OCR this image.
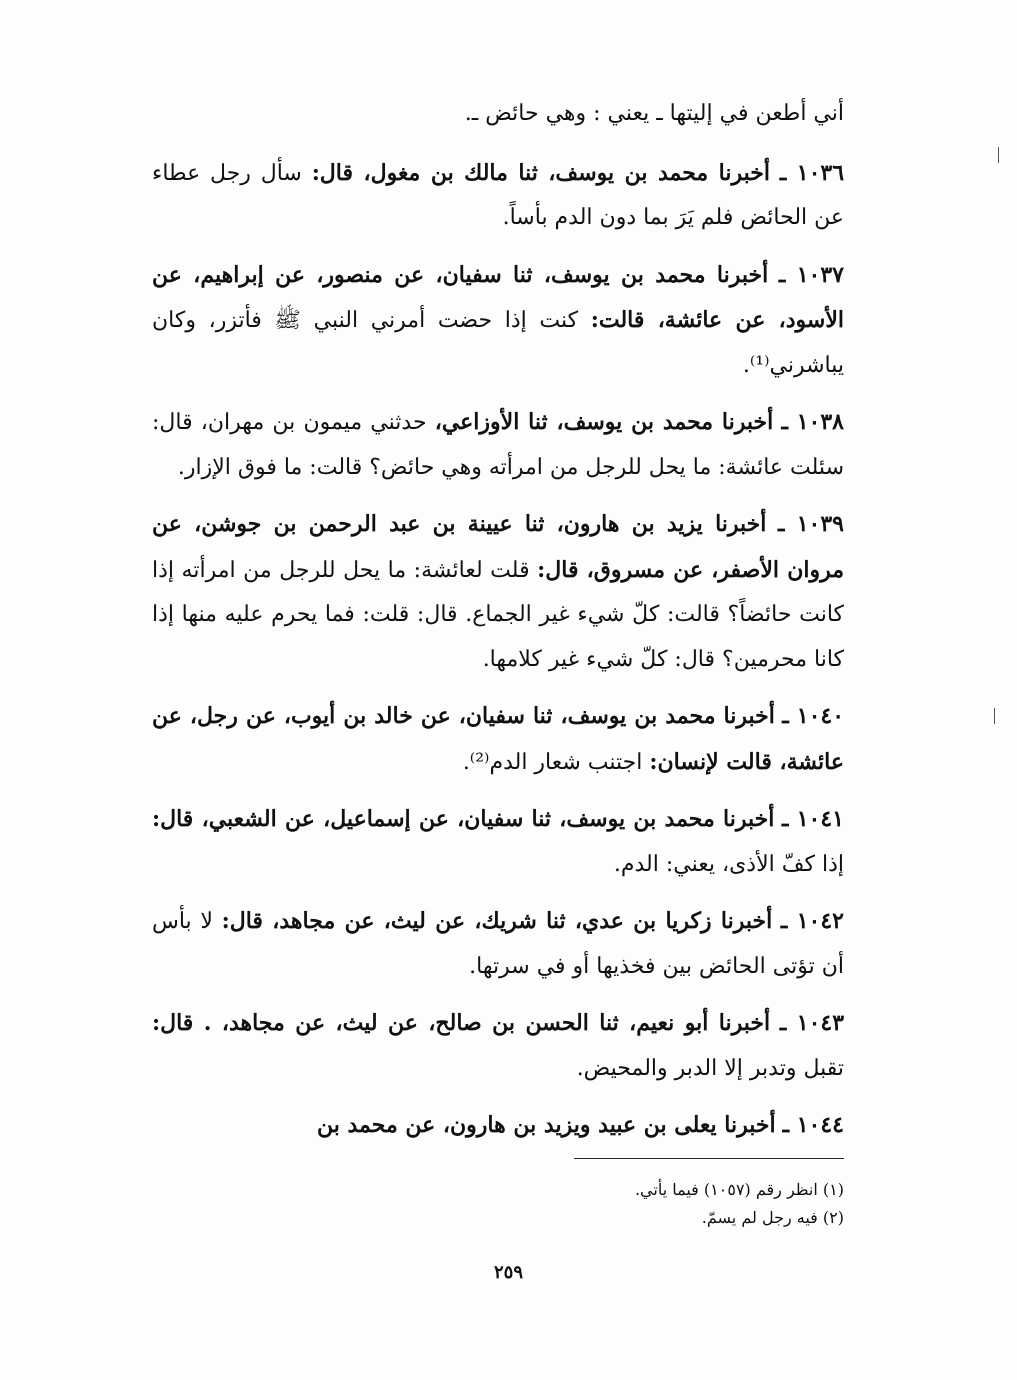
أني أطعن في إليتها ـ يعني : وهي حائض ـ.

١٠٣٦ ـ أخبرنا محمد بن يوسف، ثنا مالك بن مغول، قال: سأل رجل عطاء عن الحائض فلم يَرَ بما دون الدم بأساً.

١٠٣٧ ـ أخبرنا محمد بن يوسف، ثنا سفيان، عن منصور، عن إبراهيم، عن الأسود، عن عائشة، قالت: كنت إذا حضت أمرني النبي ﷺ فأتزر، وكان يباشرني⁽¹⁾.

١٠٣٨ ـ أخبرنا محمد بن يوسف، ثنا الأوزاعي، حدثني ميمون بن مهران، قال: سئلت عائشة: ما يحل للرجل من امرأته وهي حائض؟ قالت: ما فوق الإزار.

١٠٣٩ ـ أخبرنا يزيد بن هارون، ثنا عيينة بن عبد الرحمن بن جوشن، عن مروان الأصفر، عن مسروق، قال: قلت لعائشة: ما يحل للرجل من امرأته إذا كانت حائضاً؟ قالت: كلّ شيء غير الجماع. قال: قلت: فما يحرم عليه منها إذا كانا محرمين؟ قال: كلّ شيء غير كلامها.

١٠٤٠ ـ أخبرنا محمد بن يوسف، ثنا سفيان، عن خالد بن أيوب، عن رجل، عن عائشة، قالت لإنسان: اجتنب شعار الدم⁽²⁾.

١٠٤١ ـ أخبرنا محمد بن يوسف، ثنا سفيان، عن إسماعيل، عن الشعبي، قال: إذا كفّ الأذى، يعني: الدم.

١٠٤٢ ـ أخبرنا زكريا بن عدي، ثنا شريك، عن ليث، عن مجاهد، قال: لا بأس أن تؤتى الحائض بين فخذيها أو في سرتها.

١٠٤٣ ـ أخبرنا أبو نعيم، ثنا الحسن بن صالح، عن ليث، عن مجاهد، . قال: تقبل وتدبر إلا الدبر والمحيض.

١٠٤٤ ـ أخبرنا يعلى بن عبيد ويزيد بن هارون، عن محمد بن

(١) انظر رقم (١٠٥٧) فيما يأتي.

(٢) فيه رجل لم يسمّ.

٢٥٩
